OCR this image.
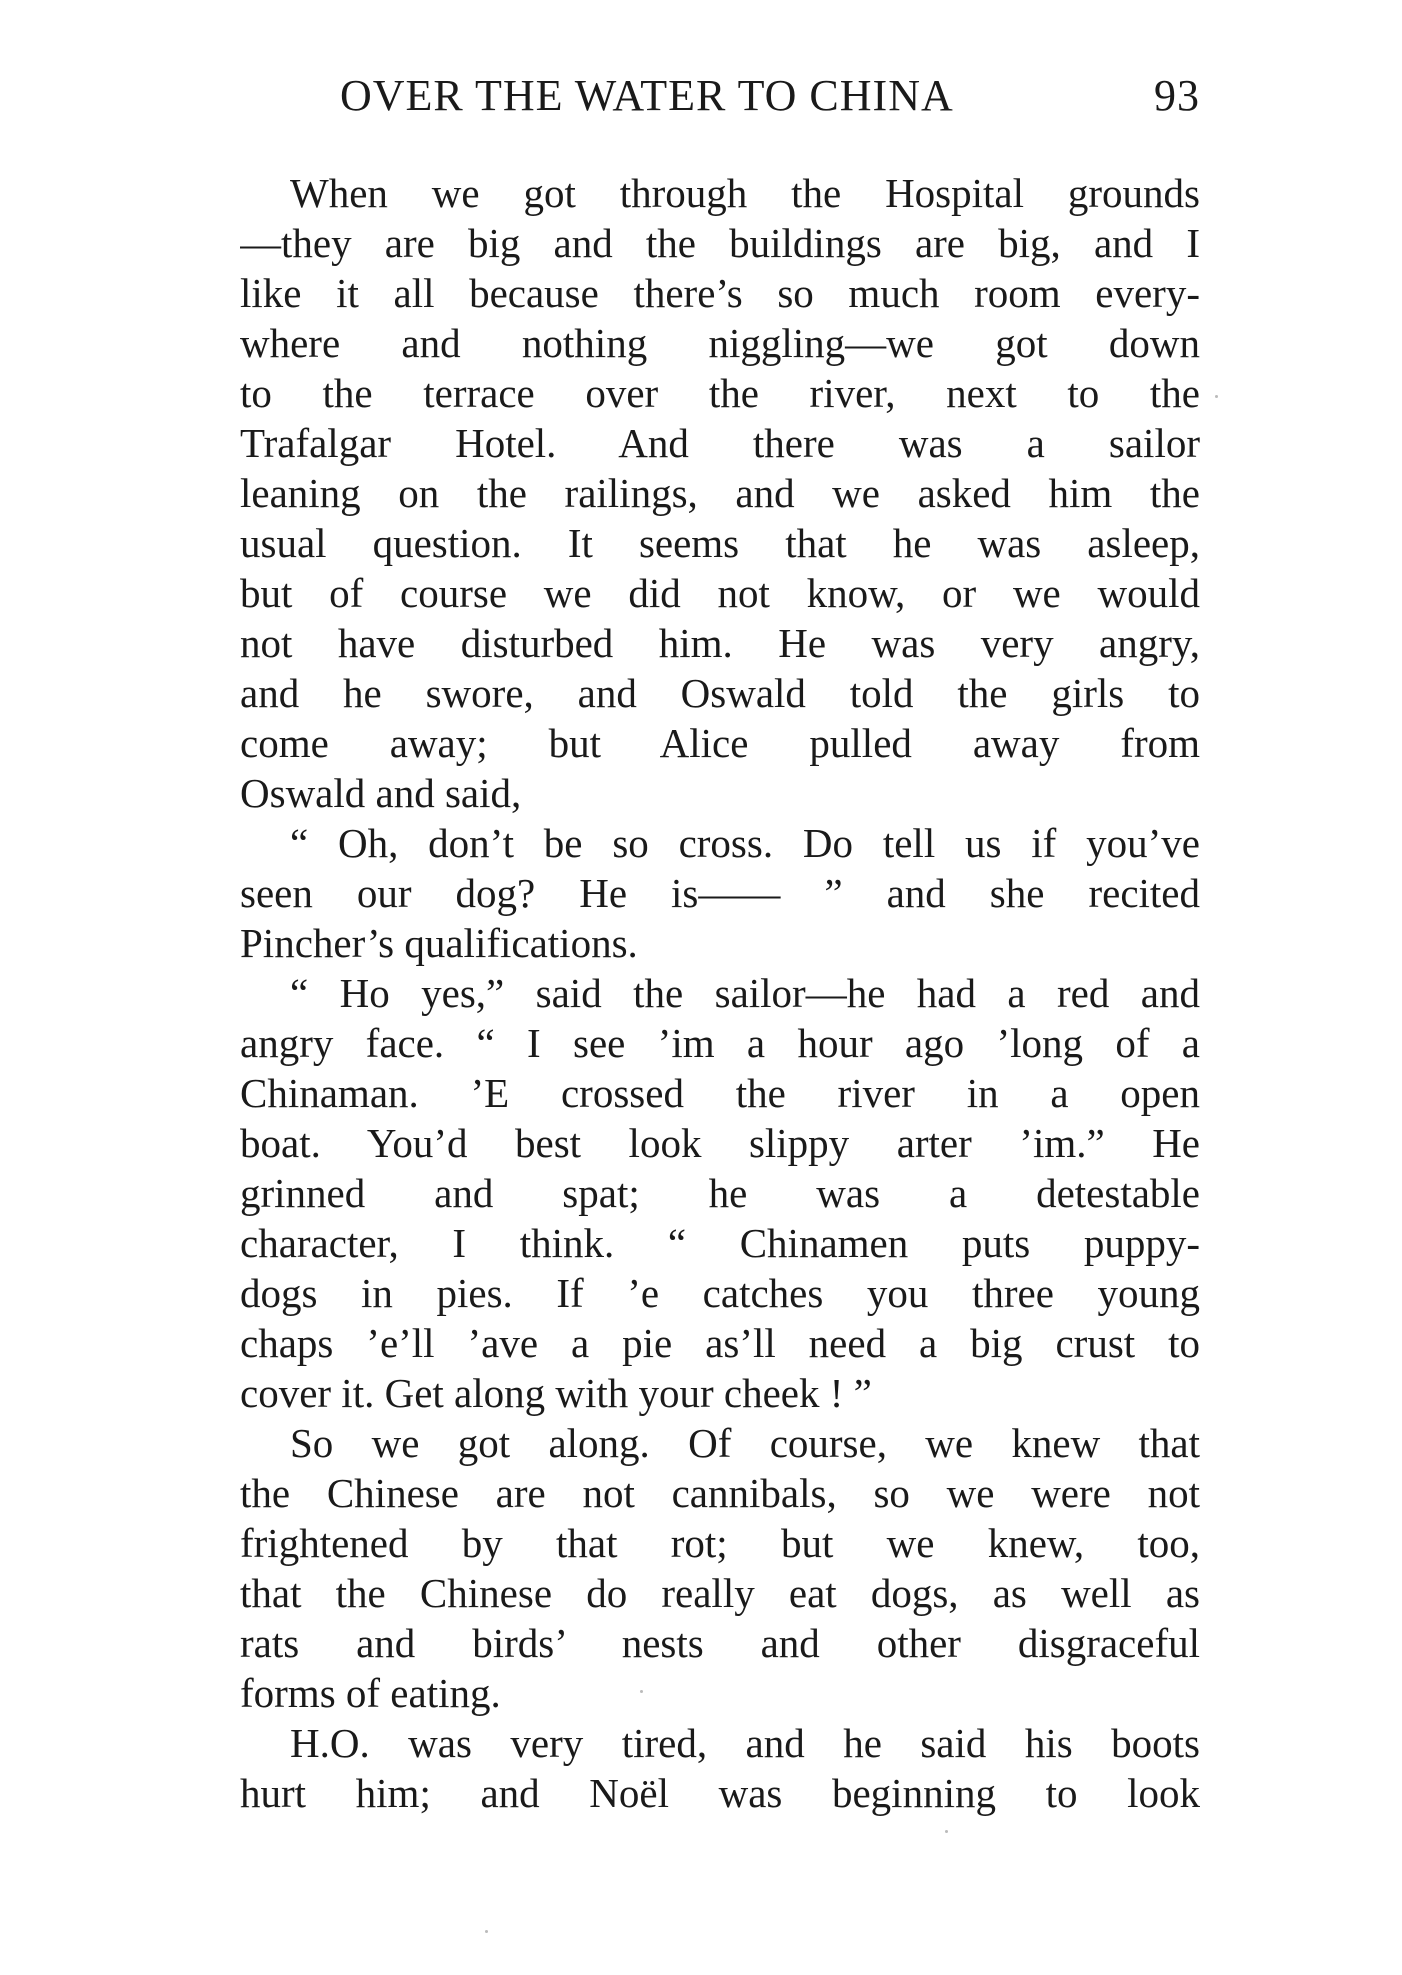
OVER THE WATER TO CHINA	93
When we got through the Hospital grounds
—they are big and the buildings are big, and I
like it all because there’s so much room every-
where and nothing niggling—we got down
to the terrace over the river, next to the
Trafalgar Hotel. And there was a sailor
leaning on the railings, and we asked him the
usual question. It seems that he was asleep,
but of course we did not know, or we would
not have disturbed him. He was very angry,
and he swore, and Oswald told the girls to
come away; but Alice pulled away from
Oswald and said,
“ Oh, don’t be so cross. Do tell us if you’ve
seen our dog? He is—— ” and she recited
Pincher’s qualifications.
“ Ho yes,” said the sailor—he had a red and
angry face. “ I see ’im a hour ago ’long of a
Chinaman. ’E crossed the river in a open
boat. You’d best look slippy arter ’im.” He
grinned and spat; he was a detestable
character, I think. “ Chinamen puts puppy-
dogs in pies. If ’e catches you three young
chaps ’e’ll ’ave a pie as’ll need a big crust to
cover it. Get along with your cheek ! ”
So we got along. Of course, we knew that
the Chinese are not cannibals, so we were not
frightened by that rot; but we knew, too,
that the Chinese do really eat dogs, as well as
rats and birds’ nests and other disgraceful
forms of eating.
H.O. was very tired, and he said his boots
hurt him; and Noël was beginning to look
